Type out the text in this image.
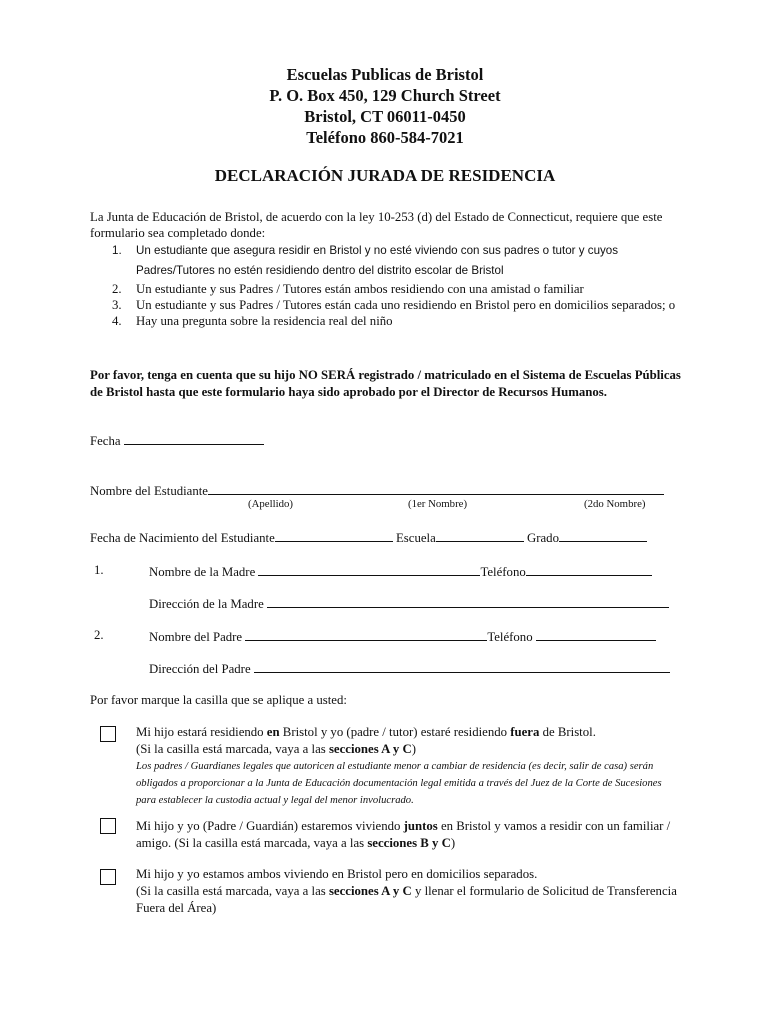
Escuelas Publicas de Bristol
P. O. Box 450, 129 Church Street
Bristol, CT 06011-0450
Teléfono 860-584-7021
DECLARACIÓN JURADA DE RESIDENCIA
La Junta de Educación de Bristol, de acuerdo con la ley 10-253 (d) del Estado de Connecticut, requiere que este formulario sea completado donde:
1. Un estudiante que asegura residir en Bristol y no esté viviendo con sus padres o tutor y cuyos Padres/Tutores no estén residiendo dentro del distrito escolar de Bristol
2. Un estudiante y sus Padres / Tutores están ambos residiendo con una amistad o familiar
3. Un estudiante y sus Padres / Tutores están cada uno residiendo en Bristol pero en domicilios separados; o
4. Hay una pregunta sobre la residencia real del niño
Por favor, tenga en cuenta que su hijo NO SERÁ registrado / matriculado en el Sistema de Escuelas Públicas de Bristol hasta que este formulario haya sido aprobado por el Director de Recursos Humanos.
Fecha
Nombre del Estudiante
(Apellido)	(1er Nombre)	(2do Nombre)
Fecha de Nacimiento del Estudiante	Escuela	Grado
1.	Nombre de la Madre	Teléfono
Dirección de la Madre
2.	Nombre del Padre	Teléfono
Dirección del Padre
Por favor marque la casilla que se aplique a usted:
Mi hijo estará residiendo en Bristol y yo (padre / tutor) estaré residiendo fuera de Bristol.
(Si la casilla está marcada, vaya a las secciones A y C)
Los padres / Guardianes legales que autoricen al estudiante menor a cambiar de residencia (es decir, salir de casa) serán obligados a proporcionar a la Junta de Educación documentación legal emitida a través del Juez de la Corte de Sucesiones para establecer la custodia actual y legal del menor involucrado.
Mi hijo y yo (Padre / Guardián) estaremos viviendo juntos en Bristol y vamos a residir con un familiar / amigo. (Si la casilla está marcada, vaya a las secciones B y C)
Mi hijo y yo estamos ambos viviendo en Bristol pero en domicilios separados.
(Si la casilla está marcada, vaya a las secciones A y C y llenar el formulario de Solicitud de Transferencia Fuera del Área)
